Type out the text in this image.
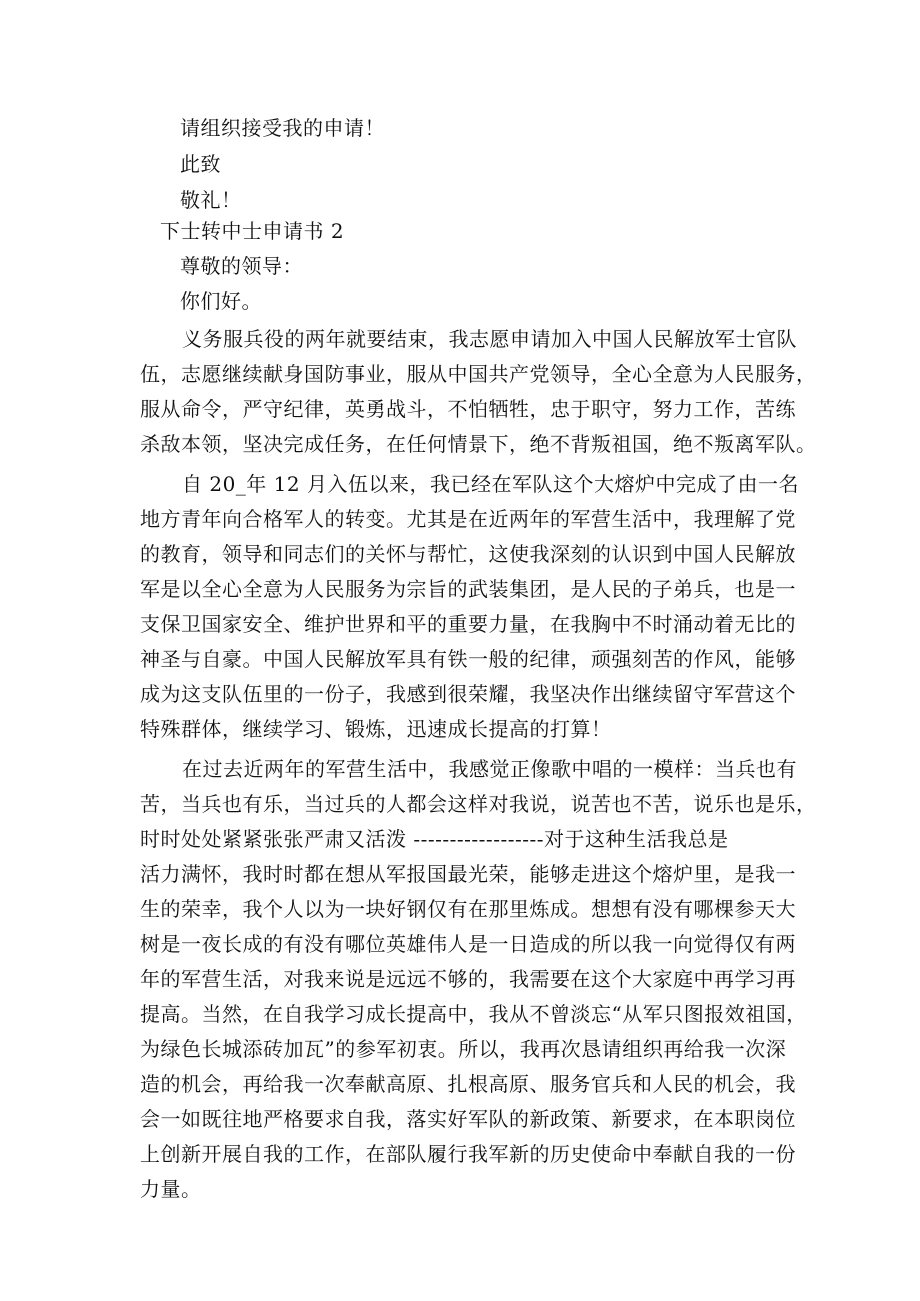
请组织接受我的申请！
此致
敬礼！
下士转中士申请书 2
尊敬的领导：
你们好。
义务服兵役的两年就要结束，我志愿申请加入中国人民解放军士官队
伍，志愿继续献身国防事业，服从中国共产党领导，全心全意为人民服务，
服从命令，严守纪律，英勇战斗，不怕牺牲，忠于职守，努力工作，苦练
杀敌本领，坚决完成任务，在任何情景下，绝不背叛祖国，绝不叛离军队。
自 20_年 12 月入伍以来，我已经在军队这个大熔炉中完成了由一名
地方青年向合格军人的转变。尤其是在近两年的军营生活中，我理解了党
的教育，领导和同志们的关怀与帮忙，这使我深刻的认识到中国人民解放
军是以全心全意为人民服务为宗旨的武装集团，是人民的子弟兵，也是一
支保卫国家安全、维护世界和平的重要力量，在我胸中不时涌动着无比的
神圣与自豪。中国人民解放军具有铁一般的纪律，顽强刻苦的作风，能够
成为这支队伍里的一份子，我感到很荣耀，我坚决作出继续留守军营这个
特殊群体，继续学习、锻炼，迅速成长提高的打算！
在过去近两年的军营生活中，我感觉正像歌中唱的一模样：当兵也有
苦，当兵也有乐，当过兵的人都会这样对我说，说苦也不苦，说乐也是乐，
时时处处紧紧张张严肃又活泼 ------------------对于这种生活我总是
活力满怀，我时时都在想从军报国最光荣，能够走进这个熔炉里，是我一
生的荣幸，我个人以为一块好钢仅有在那里炼成。想想有没有哪棵参天大
树是一夜长成的有没有哪位英雄伟人是一日造成的所以我一向觉得仅有两
年的军营生活，对我来说是远远不够的，我需要在这个大家庭中再学习再
提高。当然，在自我学习成长提高中，我从不曾淡忘“从军只图报效祖国，
为绿色长城添砖加瓦”的参军初衷。所以，我再次恳请组织再给我一次深
造的机会，再给我一次奉献高原、扎根高原、服务官兵和人民的机会，我
会一如既往地严格要求自我，落实好军队的新政策、新要求，在本职岗位
上创新开展自我的工作，在部队履行我军新的历史使命中奉献自我的一份
力量。
